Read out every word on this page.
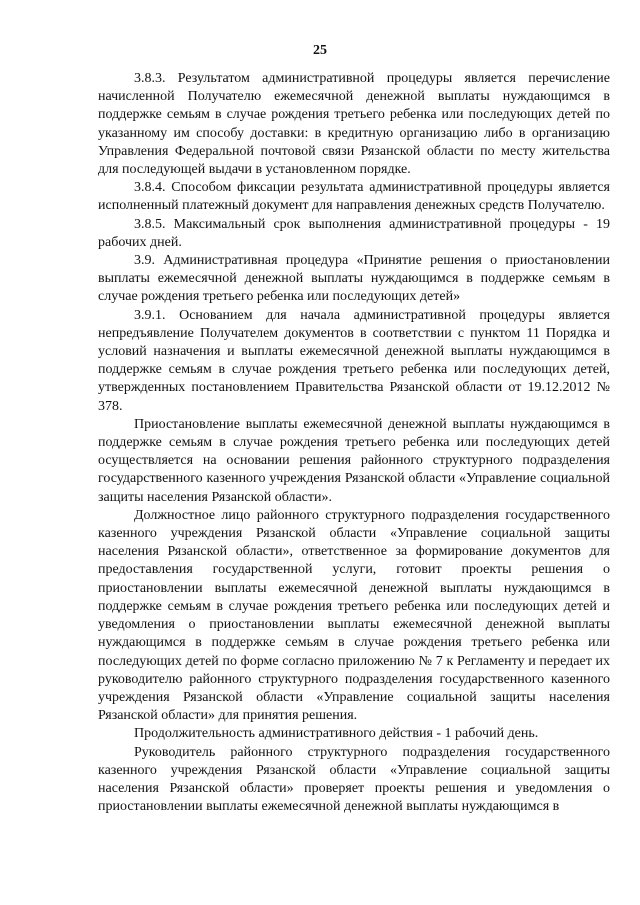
25

3.8.3. Результатом административной процедуры является перечисление начисленной Получателю ежемесячной денежной выплаты нуждающимся в поддержке семьям в случае рождения третьего ребенка или последующих детей по указанному им способу доставки: в кредитную организацию либо в организацию Управления Федеральной почтовой связи Рязанской области по месту жительства для последующей выдачи в установленном порядке.

3.8.4. Способом фиксации результата административной процедуры является исполненный платежный документ для направления денежных средств Получателю.

3.8.5. Максимальный срок выполнения административной процедуры - 19 рабочих дней.

3.9. Административная процедура «Принятие решения о приостановлении выплаты ежемесячной денежной выплаты нуждающимся в поддержке семьям в случае рождения третьего ребенка или последующих детей»

3.9.1. Основанием для начала административной процедуры является непредъявление Получателем документов в соответствии с пунктом 11 Порядка и условий назначения и выплаты ежемесячной денежной выплаты нуждающимся в поддержке семьям в случае рождения третьего ребенка или последующих детей, утвержденных постановлением Правительства Рязанской области от 19.12.2012 № 378.

Приостановление выплаты ежемесячной денежной выплаты нуждающимся в поддержке семьям в случае рождения третьего ребенка или последующих детей осуществляется на основании решения районного структурного подразделения государственного казенного учреждения Рязанской области «Управление социальной защиты населения Рязанской области».

Должностное лицо районного структурного подразделения государственного казенного учреждения Рязанской области «Управление социальной защиты населения Рязанской области», ответственное за формирование документов для предоставления государственной услуги, готовит проекты решения о приостановлении выплаты ежемесячной денежной выплаты нуждающимся в поддержке семьям в случае рождения третьего ребенка или последующих детей и уведомления о приостановлении выплаты ежемесячной денежной выплаты нуждающимся в поддержке семьям в случае рождения третьего ребенка или последующих детей по форме согласно приложению № 7 к Регламенту и передает их руководителю районного структурного подразделения государственного казенного учреждения Рязанской области «Управление социальной защиты населения Рязанской области» для принятия решения.

Продолжительность административного действия - 1 рабочий день.

Руководитель районного структурного подразделения государственного казенного учреждения Рязанской области «Управление социальной защиты населения Рязанской области» проверяет проекты решения и уведомления о приостановлении выплаты ежемесячной денежной выплаты нуждающимся в
